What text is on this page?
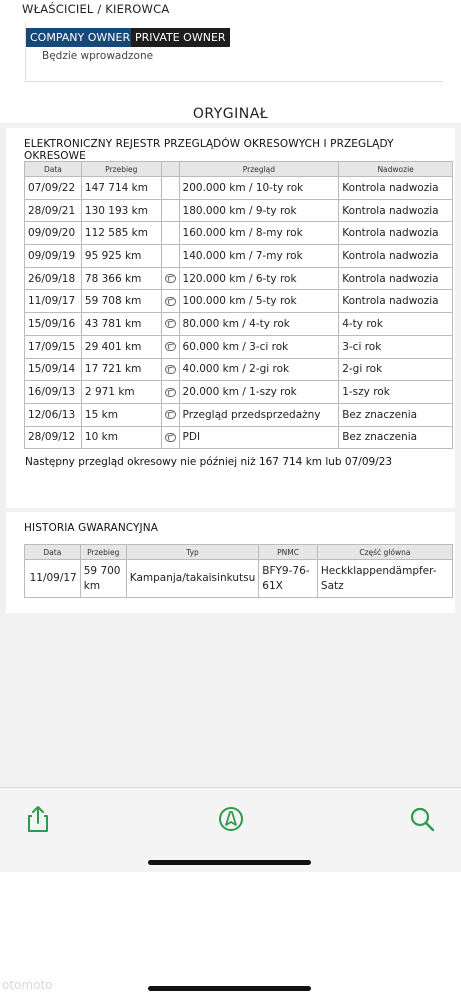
WŁAŚCICIEL / KIEROWCA
COMPANY OWNER PRIVATE OWNER
Będzie wprowadzone
ORYGINAŁ
ELEKTRONICZNY REJESTR PRZEGLĄDÓW OKRESOWYCH I PRZEGLĄDY OKRESOWE
Data	Przebieg		Przegląd	Nadwozie
07/09/22	147 714 km		200.000 km / 10-ty rok	Kontrola nadwozia
28/09/21	130 193 km		180.000 km / 9-ty rok	Kontrola nadwozia
09/09/20	112 585 km		160.000 km / 8-my rok	Kontrola nadwozia
09/09/19	95 925 km		140.000 km / 7-my rok	Kontrola nadwozia
26/09/18	78 366 km		120.000 km / 6-ty rok	Kontrola nadwozia
11/09/17	59 708 km		100.000 km / 5-ty rok	Kontrola nadwozia
15/09/16	43 781 km		80.000 km / 4-ty rok	4-ty rok
17/09/15	29 401 km		60.000 km / 3-ci rok	3-ci rok
15/09/14	17 721 km		40.000 km / 2-gi rok	2-gi rok
16/09/13	2 971 km		20.000 km / 1-szy rok	1-szy rok
12/06/13	15 km		Przegląd przedsprzedażny	Bez znaczenia
28/09/12	10 km		PDI	Bez znaczenia
Następny przegląd okresowy nie później niż 167 714 km lub 07/09/23
HISTORIA GWARANCYJNA
Data	Przebieg	Typ	PNMC	Część główna
11/09/17	59 700 km	Kampanja/takaisinkutsu	BFY9-76-61X	Heckklappendämpfer-Satz
otomoto
